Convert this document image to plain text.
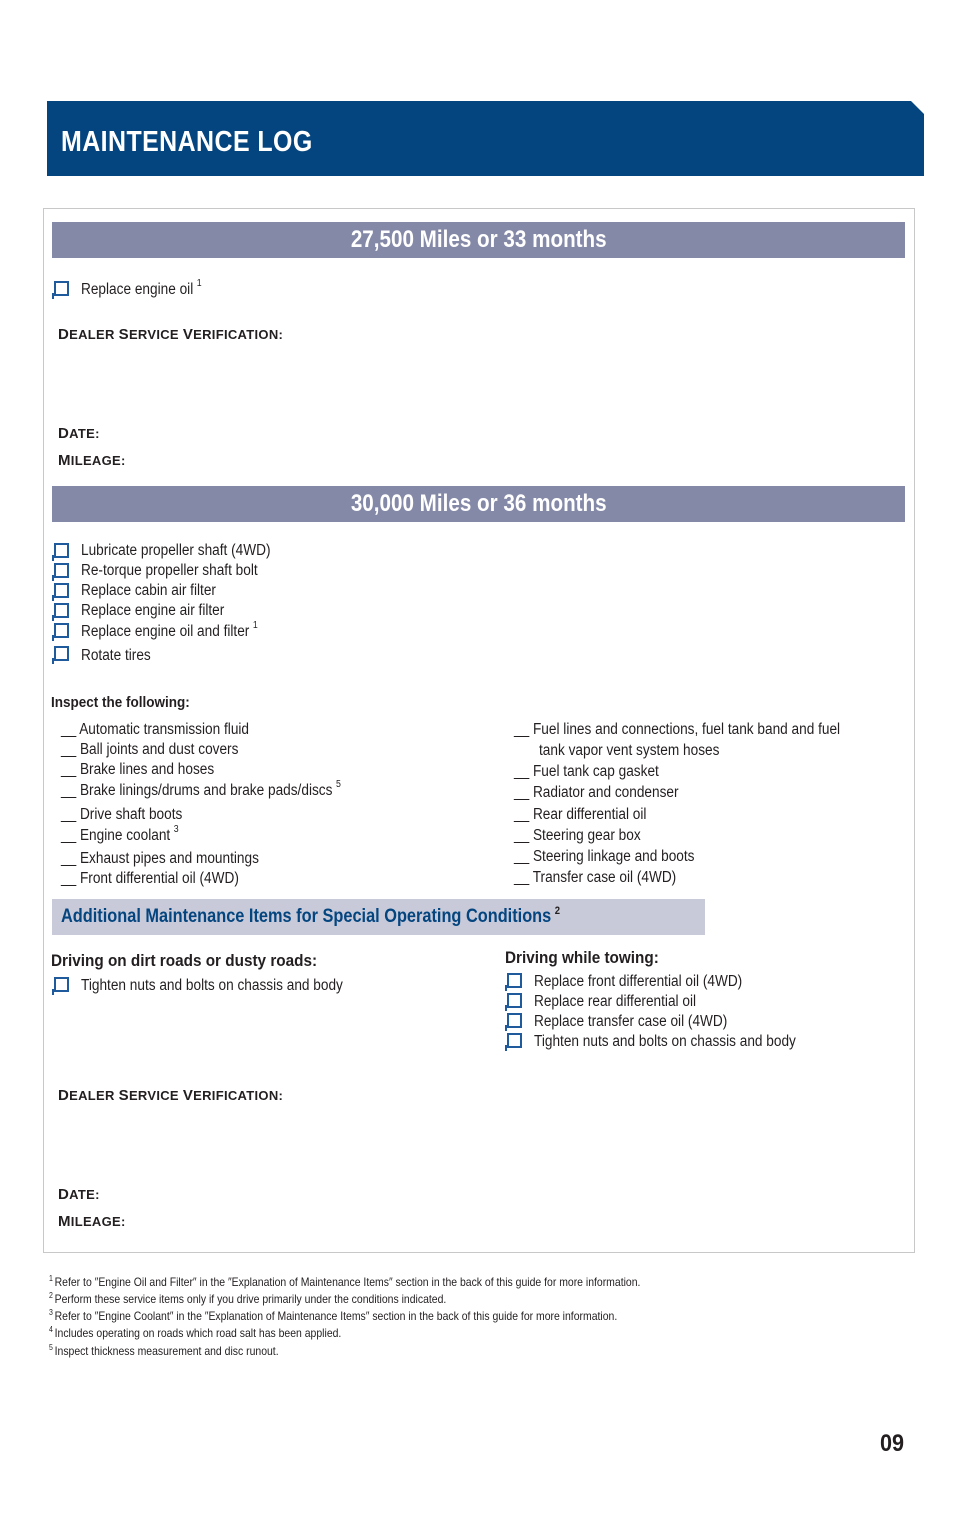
MAINTENANCE LOG
27,500 Miles or 33 months
Replace engine oil $^1$
DEALER SERVICE VERIFICATION:
DATE:
MILEAGE:
30,000 Miles or 36 months
Lubricate propeller shaft (4WD)
Re-torque propeller shaft bolt
Replace cabin air filter
Replace engine air filter
Replace engine oil and filter $^1$
Rotate tires
Inspect the following:
__ Automatic transmission fluid
__ Ball joints and dust covers
__ Brake lines and hoses
__ Brake linings/drums and brake pads/discs $^5$
__ Drive shaft boots
__ Engine coolant $^3$
__ Exhaust pipes and mountings
__ Front differential oil (4WD)
__ Fuel lines and connections, fuel tank band and fuel
tank vapor vent system hoses
__ Fuel tank cap gasket
__ Radiator and condenser
__ Rear differential oil
__ Steering gear box
__ Steering linkage and boots
__ Transfer case oil (4WD)
Additional Maintenance Items for Special Operating Conditions $^2$
Driving on dirt roads or dusty roads:
Tighten nuts and bolts on chassis and body
Driving while towing:
Replace front differential oil (4WD)
Replace rear differential oil
Replace transfer case oil (4WD)
Tighten nuts and bolts on chassis and body
DEALER SERVICE VERIFICATION:
DATE:
MILEAGE:
$^1$ Refer to ″Engine Oil and Filter″ in the ″Explanation of Maintenance Items″ section in the back of this guide for more information.
$^2$ Perform these service items only if you drive primarily under the conditions indicated.
$^3$ Refer to ″Engine Coolant″ in the ″Explanation of Maintenance Items″ section in the back of this guide for more information.
$^4$ Includes operating on roads which road salt has been applied.
$^5$ Inspect thickness measurement and disc runout.
09
